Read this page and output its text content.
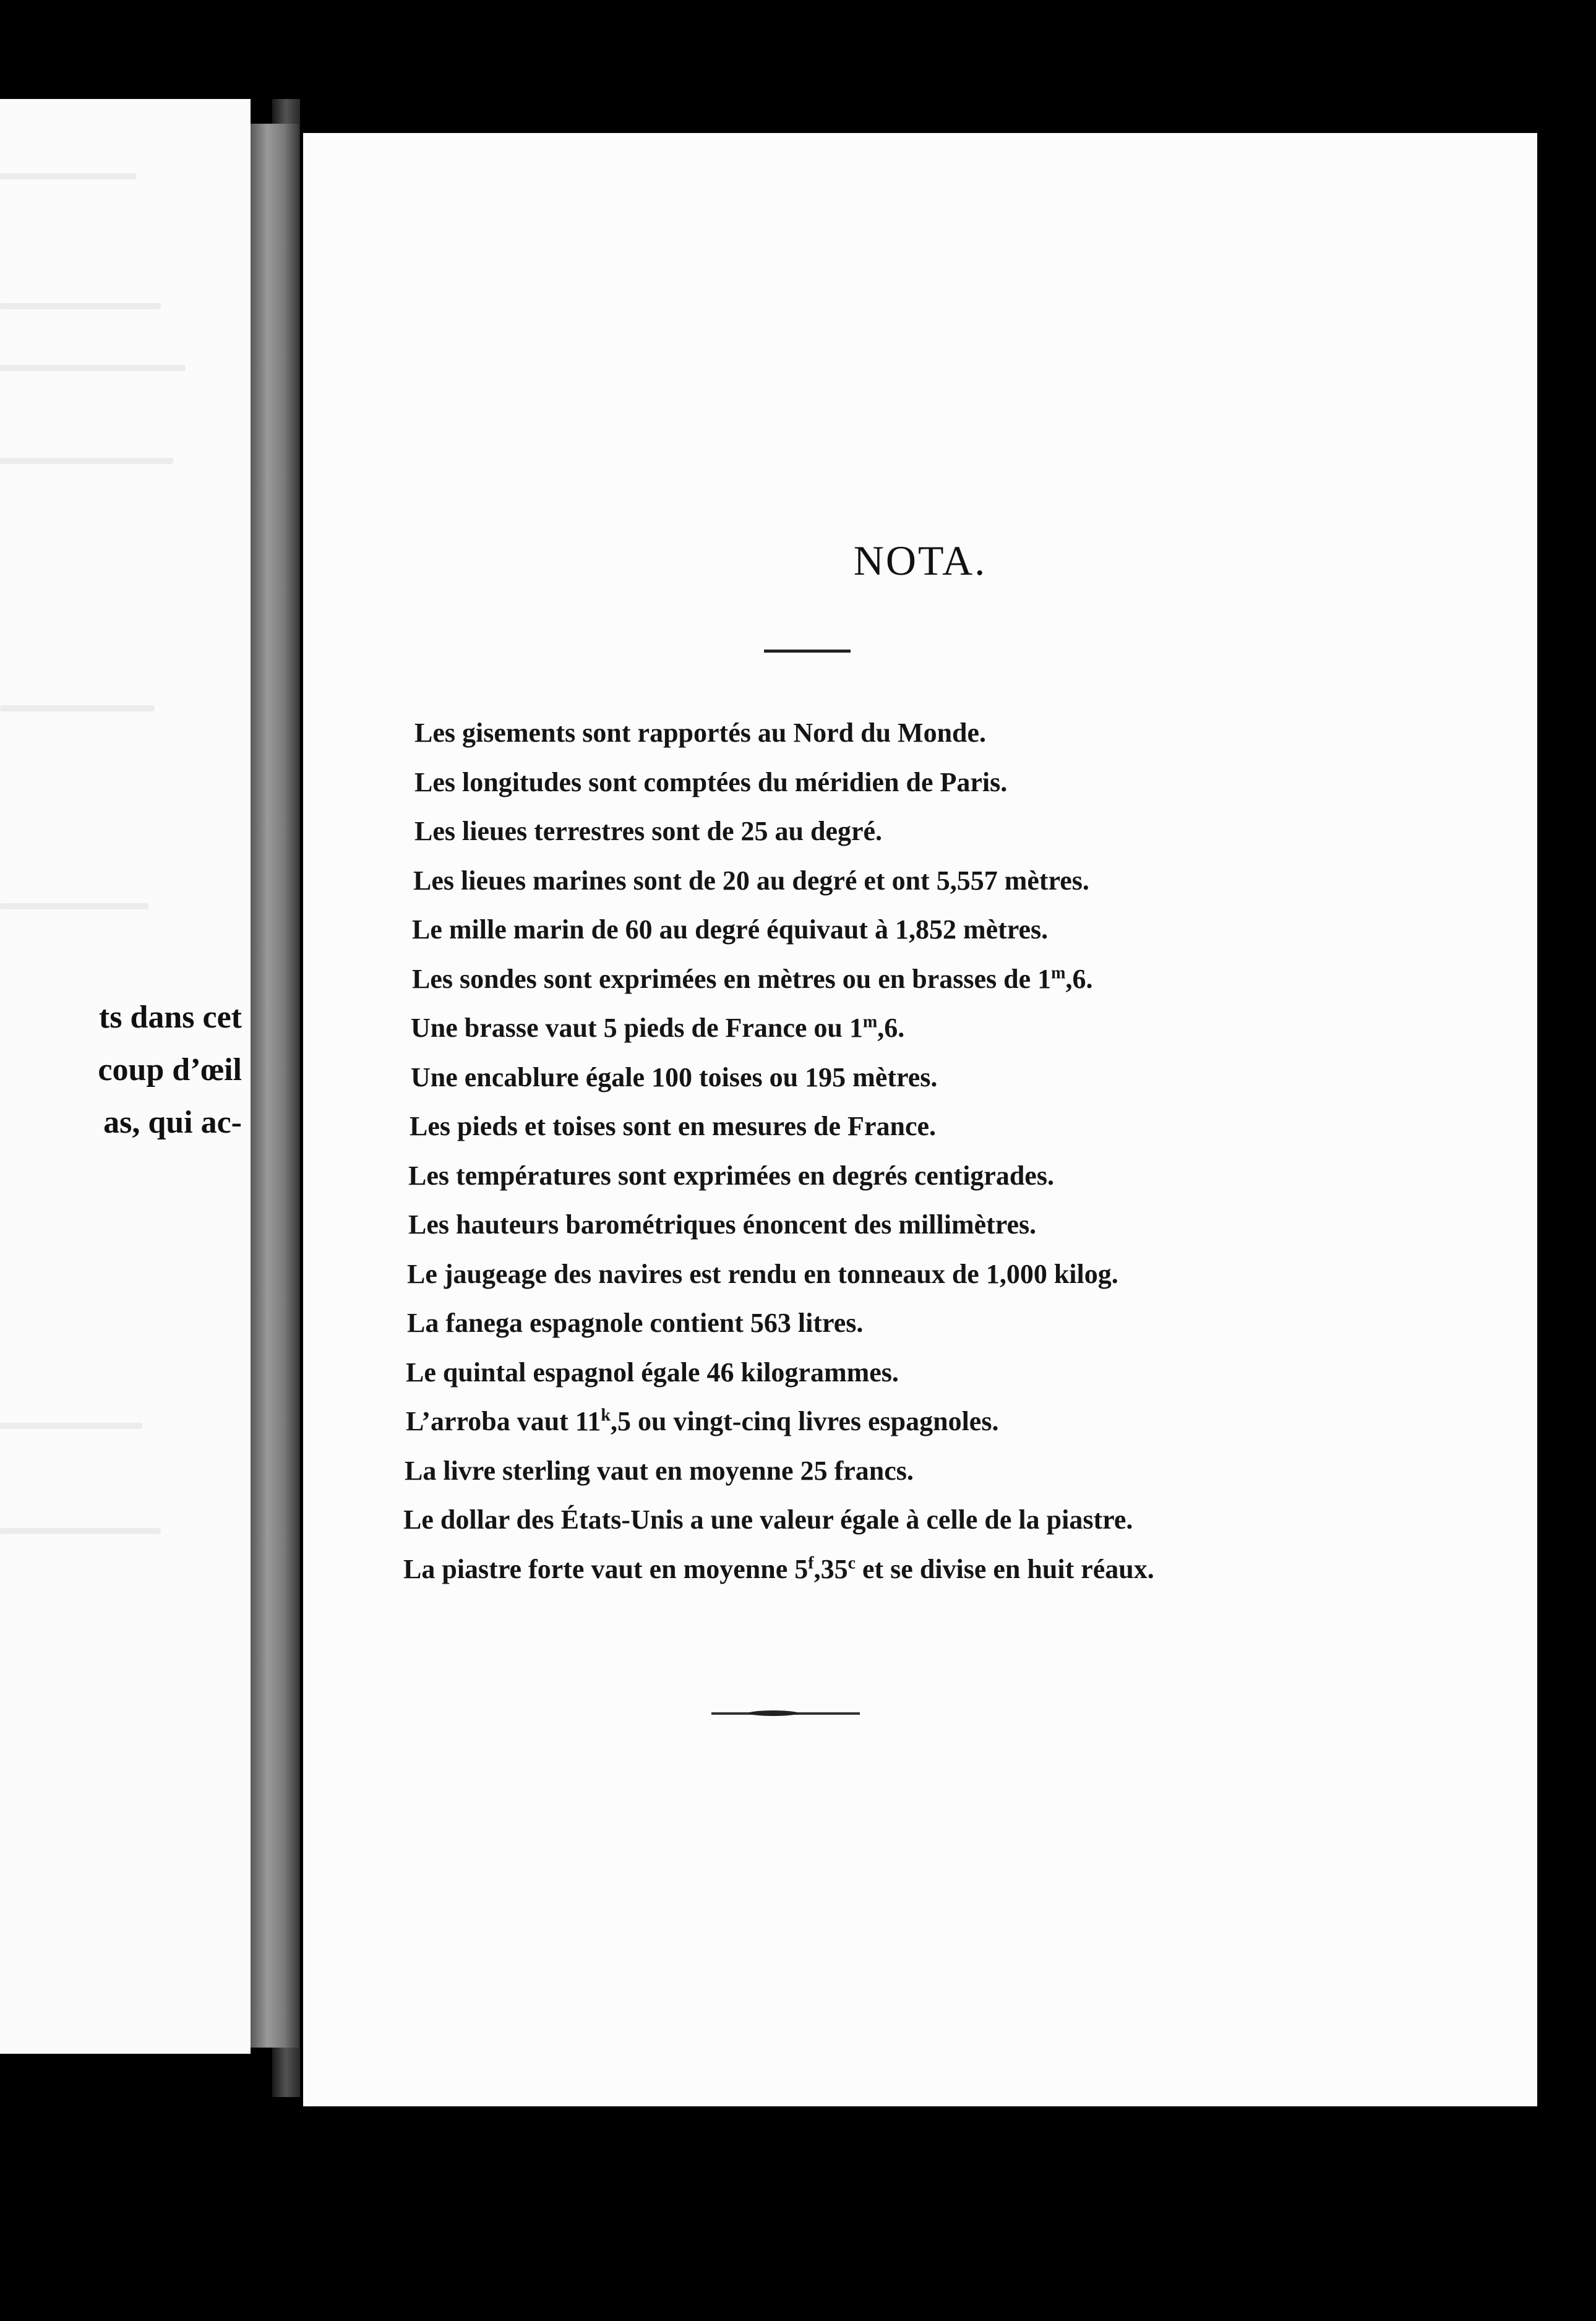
ts dans cet
coup d’œil
as, qui ac-
NOTA.
Les gisements sont rapportés au Nord du Monde.
Les longitudes sont comptées du méridien de Paris.
Les lieues terrestres sont de 25 au degré.
Les lieues marines sont de 20 au degré et ont 5,557 mètres.
Le mille marin de 60 au degré équivaut à 1,852 mètres.
Les sondes sont exprimées en mètres ou en brasses de 1$^m$,6.
Une brasse vaut 5 pieds de France ou 1$^m$,6.
Une encablure égale 100 toises ou 195 mètres.
Les pieds et toises sont en mesures de France.
Les températures sont exprimées en degrés centigrades.
Les hauteurs barométriques énoncent des millimètres.
Le jaugeage des navires est rendu en tonneaux de 1,000 kilog.
La fanega espagnole contient 563 litres.
Le quintal espagnol égale 46 kilogrammes.
L’arroba vaut 11$^k$,5 ou vingt-cinq livres espagnoles.
La livre sterling vaut en moyenne 25 francs.
Le dollar des États-Unis a une valeur égale à celle de la piastre.
La piastre forte vaut en moyenne 5$^f$,35$^c$ et se divise en huit réaux.
